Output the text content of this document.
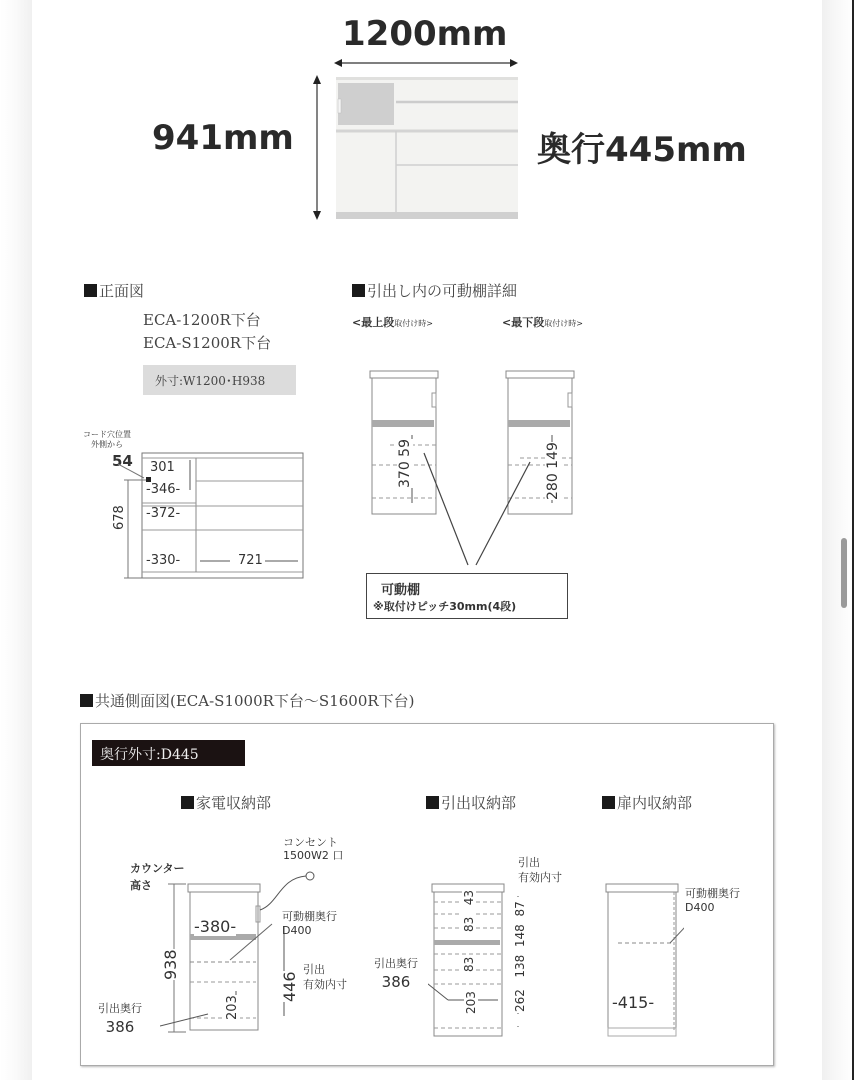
1200mm
941mm	奥行445mm
正面図
ECA-1200R下台
ECA-S1200R下台
外寸:W1200･H938
コード穴位置
外側から
54 301
-346-
-372-
-330-	721
678
引出し内の可動棚詳細
<最上段取付け時>	<最下段取付け時>
370 59
280 149
可動棚
※取付けピッチ30mm(4段)
共通側面図(ECA-S1000R下台〜S1600R下台)
奥行外寸:D445
家電収納部
コンセント
1500W2 口
カウンター
高さ
-380-
可動棚奥行
D400
938
446
引出
有効内寸
203
引出奥行
386
引出収納部
引出
有効内寸
83   43
83
203	262   138  148  87
引出奥行
386
扉内収納部
可動棚奥行
D400
-415-
